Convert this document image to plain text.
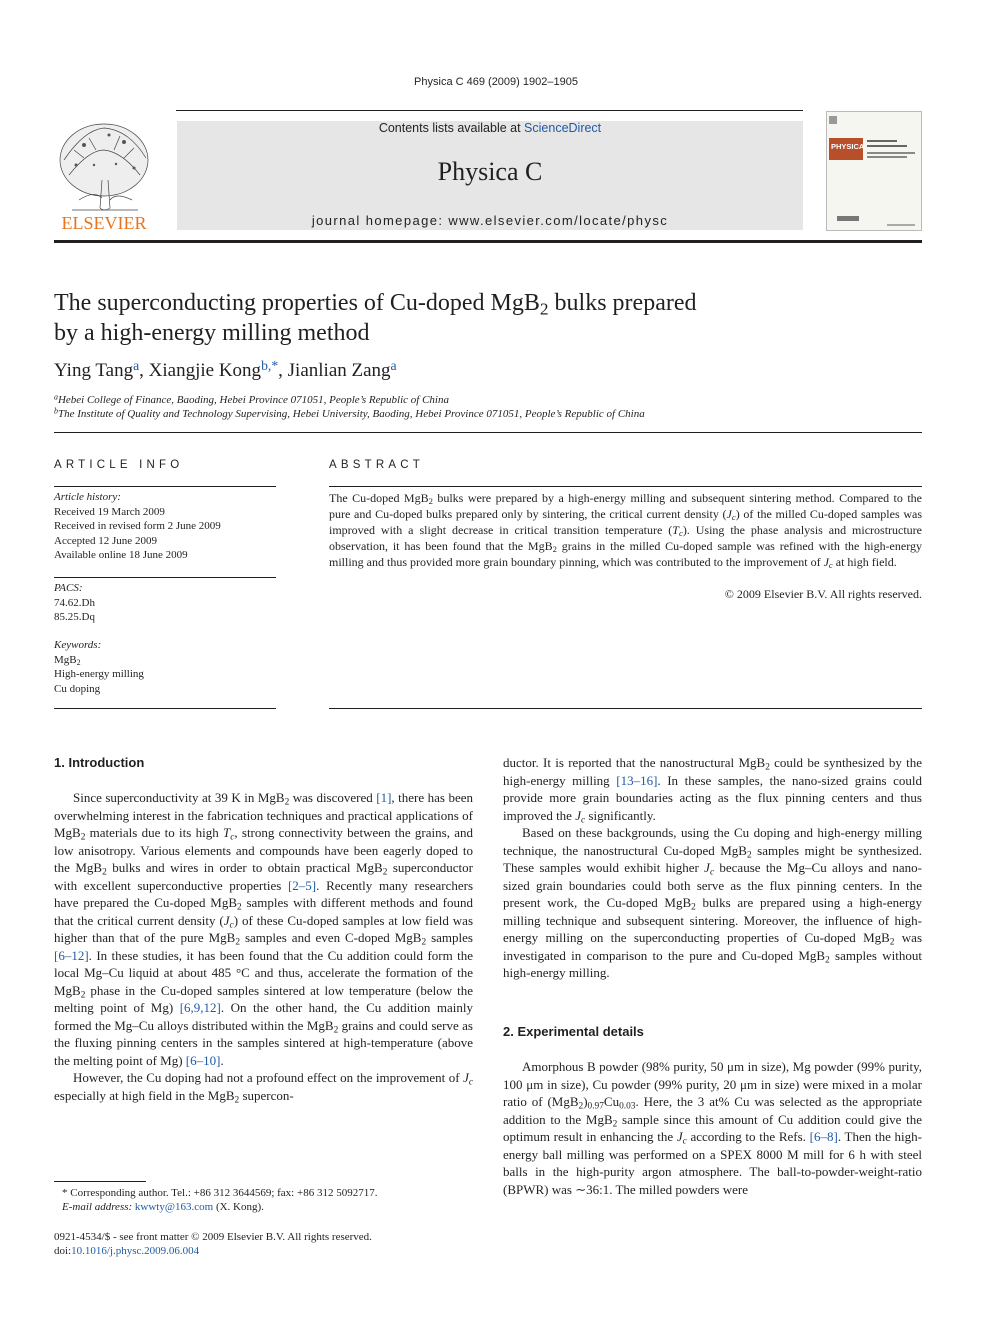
Physica C 469 (2009) 1902–1905
ELSEVIER
Contents lists available at ScienceDirect
Physica C
journal homepage: www.elsevier.com/locate/physc
PHYSICA
The superconducting properties of Cu-doped MgB$_2$ bulks prepared
by a high-energy milling method
Ying Tang$^a$, Xiangjie Kong$^{b,*}$, Jianlian Zang$^a$
$^a$Hebei College of Finance, Baoding, Hebei Province 071051, People’s Republic of China
$^b$The Institute of Quality and Technology Supervising, Hebei University, Baoding, Hebei Province 071051, People’s Republic of China
ARTICLE INFO	ABSTRACT
Article history:
Received 19 March 2009
Received in revised form 2 June 2009
Accepted 12 June 2009
Available online 18 June 2009
PACS:
74.62.Dh
85.25.Dq
Keywords:
MgB$_2$
High-energy milling
Cu doping
The Cu-doped MgB$_2$ bulks were prepared by a high-energy milling and subsequent sintering method. Compared to the pure and Cu-doped bulks prepared only by sintering, the critical current density $(J_c)$ of the milled Cu-doped samples was improved with a slight decrease in critical transition temperature $(T_c)$. Using the phase analysis and microstructure observation, it has been found that the MgB$_2$ grains in the milled Cu-doped sample was refined with the high-energy milling and thus provided more grain boundary pinning, which was contributed to the improvement of $J_c$ at high field.
© 2009 Elsevier B.V. All rights reserved.
1. Introduction

Since superconductivity at 39 K in MgB$_2$ was discovered [1], there has been overwhelming interest in the fabrication techniques and practical applications of MgB$_2$ materials due to its high $T_c$, strong connectivity between the grains, and low anisotropy. Various elements and compounds have been eagerly doped to the MgB$_2$ bulks and wires in order to obtain practical MgB$_2$ superconductor with excellent superconductive properties [2–5]. Recently many researchers have prepared the Cu-doped MgB$_2$ samples with different methods and found that the critical current density $(J_c)$ of these Cu-doped samples at low field was higher than that of the pure MgB$_2$ samples and even C-doped MgB$_2$ samples [6–12]. In these studies, it has been found that the Cu addition could form the local Mg–Cu liquid at about 485 °C and thus, accelerate the formation of the MgB$_2$ phase in the Cu-doped samples sintered at low temperature (below the melting point of Mg) [6,9,12]. On the other hand, the Cu addition mainly formed the Mg–Cu alloys distributed within the MgB$_2$ grains and could serve as the fluxing pinning centers in the samples sintered at high-temperature (above the melting point of Mg) [6–10].

However, the Cu doping had not a profound effect on the improvement of $J_c$ especially at high field in the MgB$_2$ supercon-

ductor. It is reported that the nanostructural MgB$_2$ could be synthesized by the high-energy milling [13–16]. In these samples, the nano-sized grains could provide more grain boundaries acting as the flux pinning centers and thus improved the $J_c$ significantly.

Based on these backgrounds, using the Cu doping and high-energy milling technique, the nanostructural Cu-doped MgB$_2$ samples might be synthesized. These samples would exhibit higher $J_c$ because the Mg–Cu alloys and nano-sized grain boundaries could both serve as the flux pinning centers. In the present work, the Cu-doped MgB$_2$ bulks are prepared using a high-energy milling technique and subsequent sintering. Moreover, the influence of high-energy milling on the superconducting properties of Cu-doped MgB$_2$ was investigated in comparison to the pure and Cu-doped MgB$_2$ samples without high-energy milling.

2. Experimental details

Amorphous B powder (98% purity, 50 μm in size), Mg powder (99% purity, 100 μm in size), Cu powder (99% purity, 20 μm in size) were mixed in a molar ratio of $(MgB_2)_{0.97}Cu_{0.03}$. Here, the 3 at% Cu was selected as the appropriate addition to the MgB$_2$ sample since this amount of Cu addition could give the optimum result in enhancing the $J_c$ according to the Refs. [6–8]. Then the high-energy ball milling was performed on a SPEX 8000 M mill for 6 h with steel balls in the high-purity argon atmosphere. The ball-to-powder-weight-ratio (BPWR) was ∼36:1. The milled powders were

* Corresponding author. Tel.: +86 312 3644569; fax: +86 312 5092717.
E-mail address: kwwty@163.com (X. Kong).
0921-4534/$ - see front matter © 2009 Elsevier B.V. All rights reserved.
doi:10.1016/j.physc.2009.06.004
